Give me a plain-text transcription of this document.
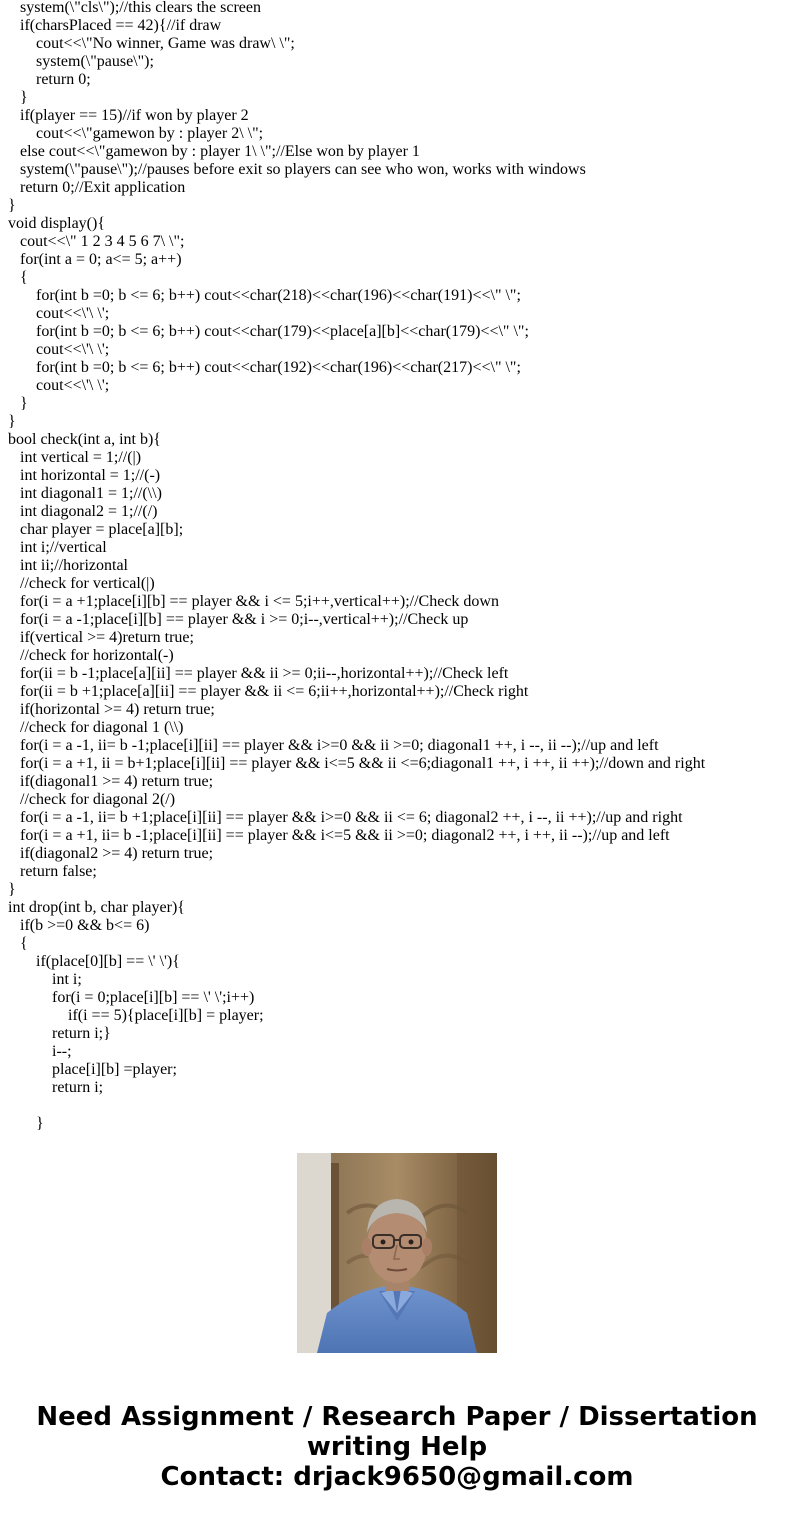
system(\"cls\");//this clears the screen
if(charsPlaced == 42){//if draw
cout<<\"No winner, Game was draw\ \";
system(\"pause\");
return 0;
}
if(player == 15)//if won by player 2
cout<<\"gamewon by : player 2\ \";
else cout<<\"gamewon by : player 1\ \";//Else won by player 1
system(\"pause\");//pauses before exit so players can see who won, works with windows
return 0;//Exit application
}
void display(){
cout<<\" 1 2 3 4 5 6 7\ \";
for(int a = 0; a<= 5; a++)
{
for(int b =0; b <= 6; b++) cout<<char(218)<<char(196)<<char(191)<<\" \";
cout<<\'\ \';
for(int b =0; b <= 6; b++) cout<<char(179)<<place[a][b]<<char(179)<<\" \";
cout<<\'\ \';
for(int b =0; b <= 6; b++) cout<<char(192)<<char(196)<<char(217)<<\" \";
cout<<\'\ \';
}
}
bool check(int a, int b){
int vertical = 1;//(|)
int horizontal = 1;//(-)
int diagonal1 = 1;//(\\)
int diagonal2 = 1;//(/)
char player = place[a][b];
int i;//vertical
int ii;//horizontal
//check for vertical(|)
for(i = a +1;place[i][b] == player && i <= 5;i++,vertical++);//Check down
for(i = a -1;place[i][b] == player && i >= 0;i--,vertical++);//Check up
if(vertical >= 4)return true;
//check for horizontal(-)
for(ii = b -1;place[a][ii] == player && ii >= 0;ii--,horizontal++);//Check left
for(ii = b +1;place[a][ii] == player && ii <= 6;ii++,horizontal++);//Check right
if(horizontal >= 4) return true;
//check for diagonal 1 (\\)
for(i = a -1, ii= b -1;place[i][ii] == player && i>=0 && ii >=0; diagonal1 ++, i --, ii --);//up and left
for(i = a +1, ii = b+1;place[i][ii] == player && i<=5 && ii <=6;diagonal1 ++, i ++, ii ++);//down and right
if(diagonal1 >= 4) return true;
//check for diagonal 2(/)
for(i = a -1, ii= b +1;place[i][ii] == player && i>=0 && ii <= 6; diagonal2 ++, i --, ii ++);//up and right
for(i = a +1, ii= b -1;place[i][ii] == player && i<=5 && ii >=0; diagonal2 ++, i ++, ii --);//up and left
if(diagonal2 >= 4) return true;
return false;
}
int drop(int b, char player){
if(b >=0 && b<= 6)
{
if(place[0][b] == \' \'){
int i;
for(i = 0;place[i][b] == \' \';i++)
if(i == 5){place[i][b] = player;
return i;}
i--;
place[i][b] =player;
return i;
}
Need Assignment / Research Paper / Dissertation
writing Help
Contact: drjack9650@gmail.com
